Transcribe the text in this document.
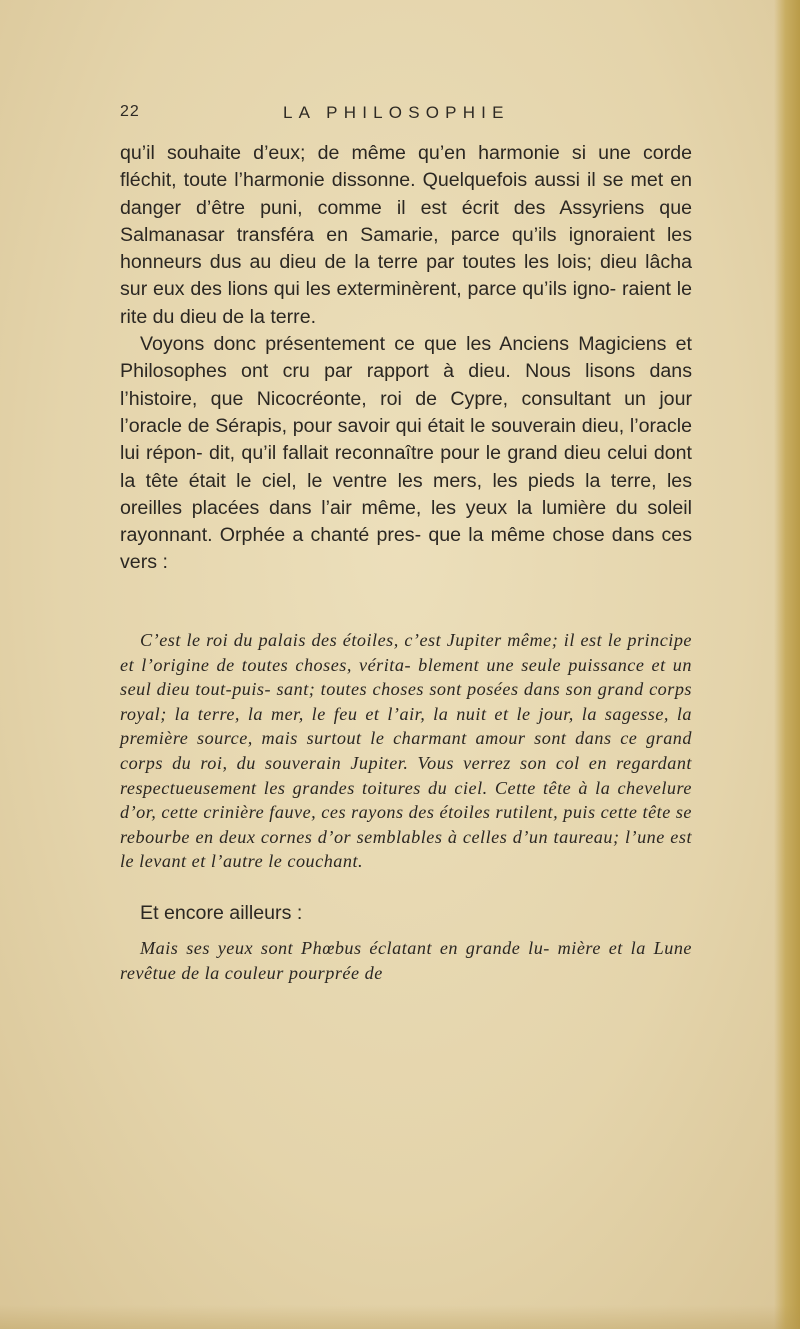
22	LA PHILOSOPHIE

qu’il souhaite d’eux; de même qu’en harmonie si une corde fléchit, toute l’harmonie dissonne. Quelquefois aussi il se met en danger d’être puni, comme il est écrit des Assyriens que Salmanasar transféra en Samarie, parce qu’ils ignoraient les honneurs dus au dieu de la terre par toutes les lois; dieu lâcha sur eux des lions qui les exterminèrent, parce qu’ils igno- raient le rite du dieu de la terre.

Voyons donc présentement ce que les Anciens Magiciens et Philosophes ont cru par rapport à dieu. Nous lisons dans l’histoire, que Nicocréonte, roi de Cypre, consultant un jour l’oracle de Sérapis, pour savoir qui était le souverain dieu, l’oracle lui répon- dit, qu’il fallait reconnaître pour le grand dieu celui dont la tête était le ciel, le ventre les mers, les pieds la terre, les oreilles placées dans l’air même, les yeux la lumière du soleil rayonnant. Orphée a chanté pres- que la même chose dans ces vers :

C’est le roi du palais des étoiles, c’est Jupiter même; il est le principe et l’origine de toutes choses, vérita- blement une seule puissance et un seul dieu tout-puis- sant; toutes choses sont posées dans son grand corps royal; la terre, la mer, le feu et l’air, la nuit et le jour, la sagesse, la première source, mais surtout le charmant amour sont dans ce grand corps du roi, du souverain Jupiter. Vous verrez son col en regardant respectueusement les grandes toitures du ciel. Cette tête à la chevelure d’or, cette crinière fauve, ces rayons des étoiles rutilent, puis cette tête se rebourbe en deux cornes d’or semblables à celles d’un taureau; l’une est le levant et l’autre le couchant.

Et encore ailleurs :

Mais ses yeux sont Phœbus éclatant en grande lu- mière et la Lune revêtue de la couleur pourprée de
